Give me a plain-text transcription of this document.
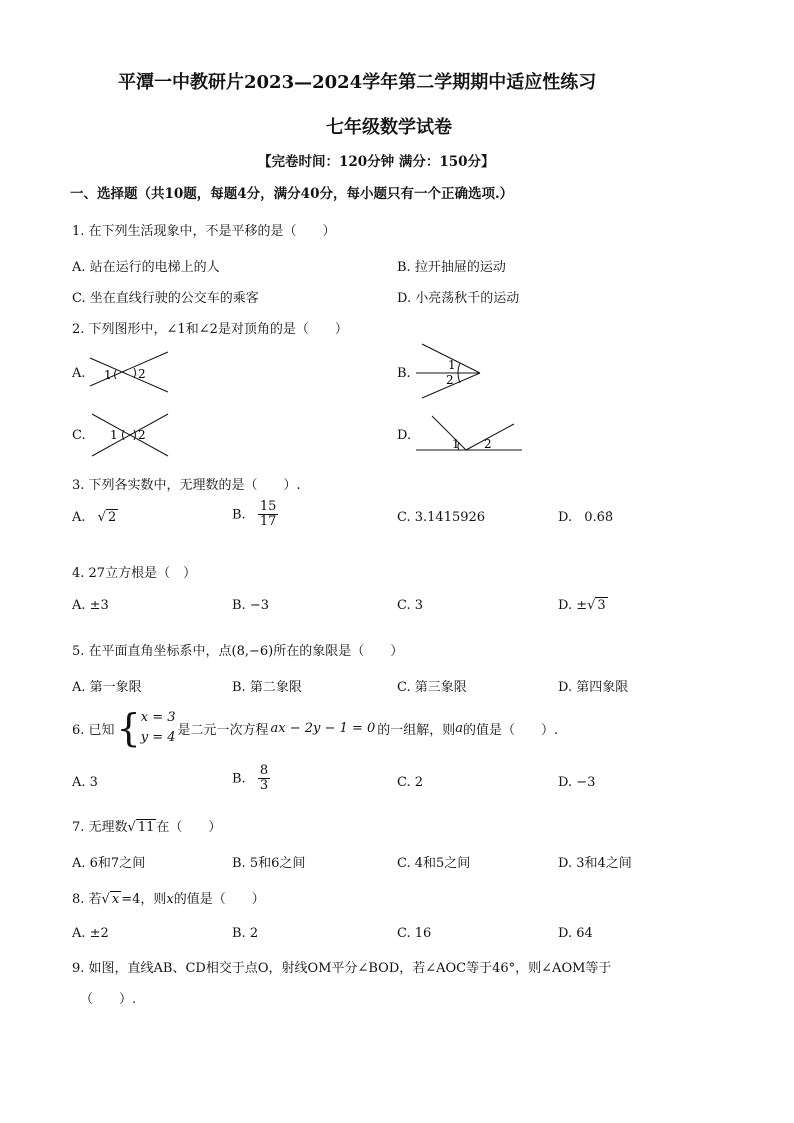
平潭一中教研片2023—2024学年第二学期期中适应性练习
七年级数学试卷
【完卷时间：120分钟 满分：150分】
一、选择题（共10题，每题4分，满分40分，每小题只有一个正确选项.）
1. 在下列生活现象中，不是平移的是（　　）
A. 站在运行的电梯上的人	B. 拉开抽屉的运动
C. 坐在直线行驶的公交车的乘客	D. 小亮荡秋千的运动
2. 下列图形中，∠1和∠2是对顶角的是（　　）
A. 1 2	B.
1
2
C. 1 2	D.
1 2
3. 下列各实数中，无理数的是（　　）.
A. √ 2	B. $\frac{15}{17}$	C. 3.1415926	D. 0.6̇8̇
4. 27立方根是（　）
A. ±3	B. −3	C. 3	D. ±√ 3
5. 在平面直角坐标系中，点(8,−6)所在的象限是（　　）
A. 第一象限	B. 第二象限	C. 第三象限	D. 第四象限
6. 已知 { x = 3
y = 4 是二元一次方程 ax − 2y − 1 = 0 的一组解，则 a 的值是（　　）.
A. 3	B. $\frac{8}{3}$	C. 2	D. −3
7. 无理数√ 11 在（　　）
A. 6和7之间	B. 5和6之间	C. 4和5之间	D. 3和4之间
8. 若√ x =4，则x的值是（　　）
A. ±2	B. 2	C. 16	D. 64
9. 如图，直线AB、CD相交于点O，射线OM平分∠BOD，若∠AOC等于46°，则∠AOM等于
（　　）.
